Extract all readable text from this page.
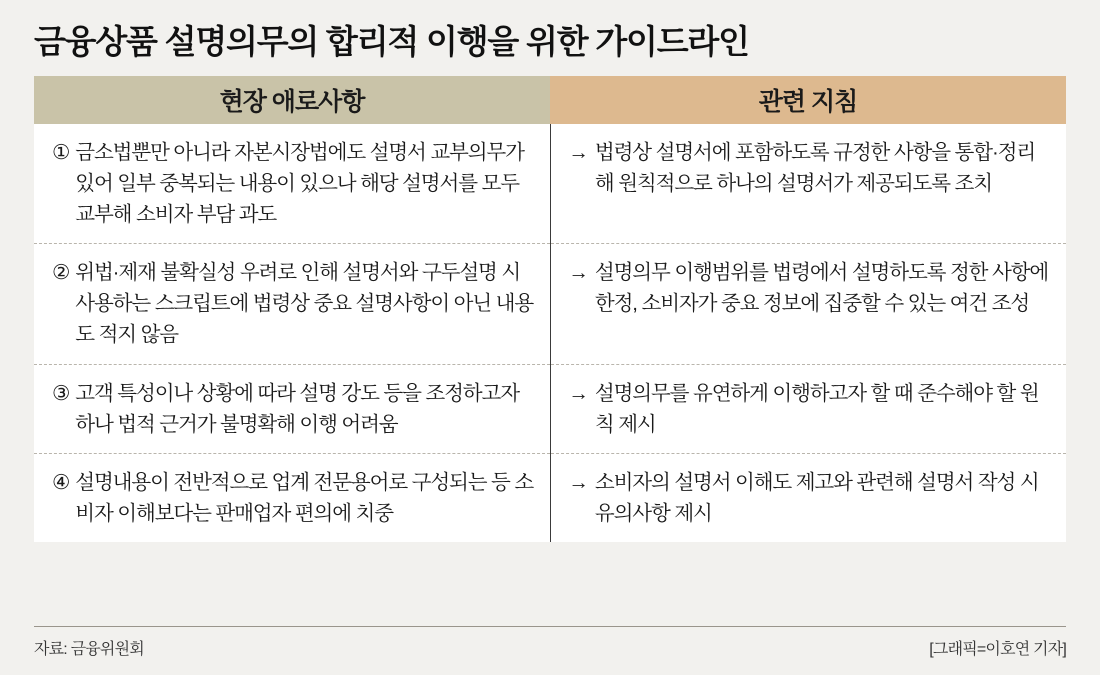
금융상품 설명의무의 합리적 이행을 위한 가이드라인
현장 애로사항	관련 지침

① 금소법뿐만 아니라 자본시장법에도 설명서 교부의무가 있어 일부 중복되는 내용이 있으나 해당 설명서를 모두 교부해 소비자 부담 과도	→ 법령상 설명서에 포함하도록 규정한 사항을 통합·정리해 원칙적으로 하나의 설명서가 제공되도록 조치

② 위법·제재 불확실성 우려로 인해 설명서와 구두설명 시 사용하는 스크립트에 법령상 중요 설명사항이 아닌 내용도 적지 않음	→ 설명의무 이행범위를 법령에서 설명하도록 정한 사항에 한정, 소비자가 중요 정보에 집중할 수 있는 여건 조성

③ 고객 특성이나 상황에 따라 설명 강도 등을 조정하고자 하나 법적 근거가 불명확해 이행 어려움	→ 설명의무를 유연하게 이행하고자 할 때 준수해야 할 원칙 제시

④ 설명내용이 전반적으로 업계 전문용어로 구성되는 등 소비자 이해보다는 판매업자 편의에 치중	→ 소비자의 설명서 이해도 제고와 관련해 설명서 작성 시 유의사항 제시
자료: 금융위원회	[그래픽=이호연 기자]
